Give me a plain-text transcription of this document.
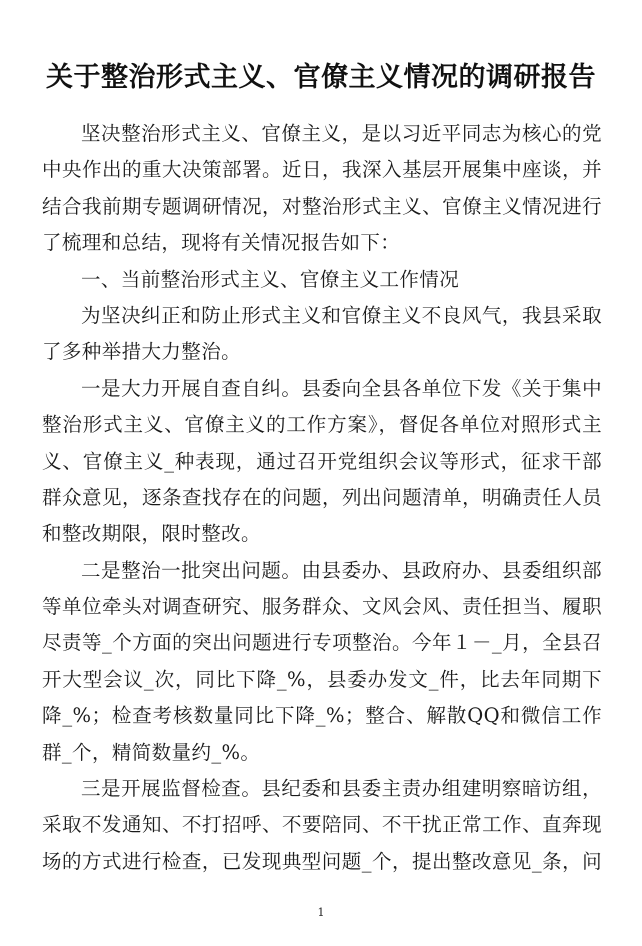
关于整治形式主义、官僚主义情况的调研报告
坚决整治形式主义、官僚主义，是以习近平同志为核心的党
中央作出的重大决策部署。近日，我深入基层开展集中座谈，并
结合我前期专题调研情况，对整治形式主义、官僚主义情况进行
了梳理和总结，现将有关情况报告如下：
一、当前整治形式主义、官僚主义工作情况
为坚决纠正和防止形式主义和官僚主义不良风气，我县采取
了多种举措大力整治。
一是大力开展自查自纠。县委向全县各单位下发《关于集中
整治形式主义、官僚主义的工作方案》，督促各单位对照形式主
义、官僚主义_种表现，通过召开党组织会议等形式，征求干部
群众意见，逐条查找存在的问题，列出问题清单，明确责任人员
和整改期限，限时整改。
二是整治一批突出问题。由县委办、县政府办、县委组织部
等单位牵头对调查研究、服务群众、文风会风、责任担当、履职
尽责等_个方面的突出问题进行专项整治。今年１－_月，全县召
开大型会议_次，同比下降_%，县委办发文_件，比去年同期下
降_%；检查考核数量同比下降_%；整合、解散QQ和微信工作
群_个，精简数量约_%。
三是开展监督检查。县纪委和县委主责办组建明察暗访组，
采取不发通知、不打招呼、不要陪同、不干扰正常工作、直奔现
场的方式进行检查，已发现典型问题_个，提出整改意见_条，问
1
